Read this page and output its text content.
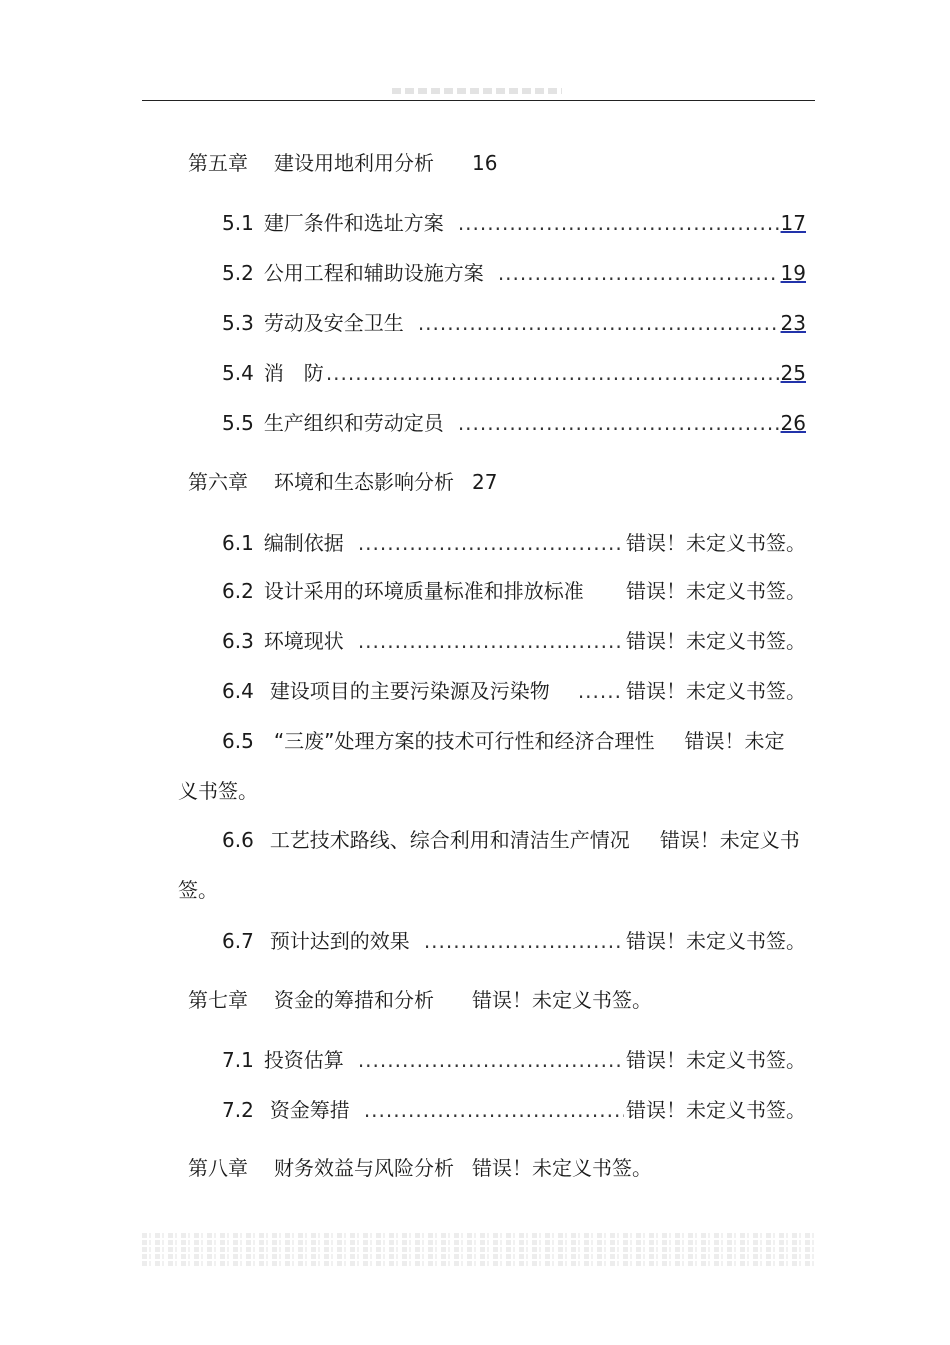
第五章 建设用地利用分析 16
5.1 建厂条件和选址方案 .....	17
5.2 公用工程和辅助设施方案 .....	19
5.3 劳动及安全卫生 .....	23
5.4 消　防 .....	25
5.5 生产组织和劳动定员 .....	26
第六章 环境和生态影响分析 27
6.1 编制依据 .....	错误！未定义书签。
6.2 设计采用的环境质量标准和排放标准 错误！未定义书签。
6.3 环境现状 .....	错误！未定义书签。
6.4 建设项目的主要污染源及污染物 .....	错误！未定义书签。
6.5 “三废”处理方案的技术可行性和经济合理性 错误！未定
义书签。
6.6 工艺技术路线、综合利用和清洁生产情况 错误！未定义书
签。
6.7 预计达到的效果 .....	错误！未定义书签。
第七章 资金的筹措和分析 错误！未定义书签。
7.1 投资估算 .....	错误！未定义书签。
7.2 资金筹措 .....	错误！未定义书签。
第八章 财务效益与风险分析 错误！未定义书签。
